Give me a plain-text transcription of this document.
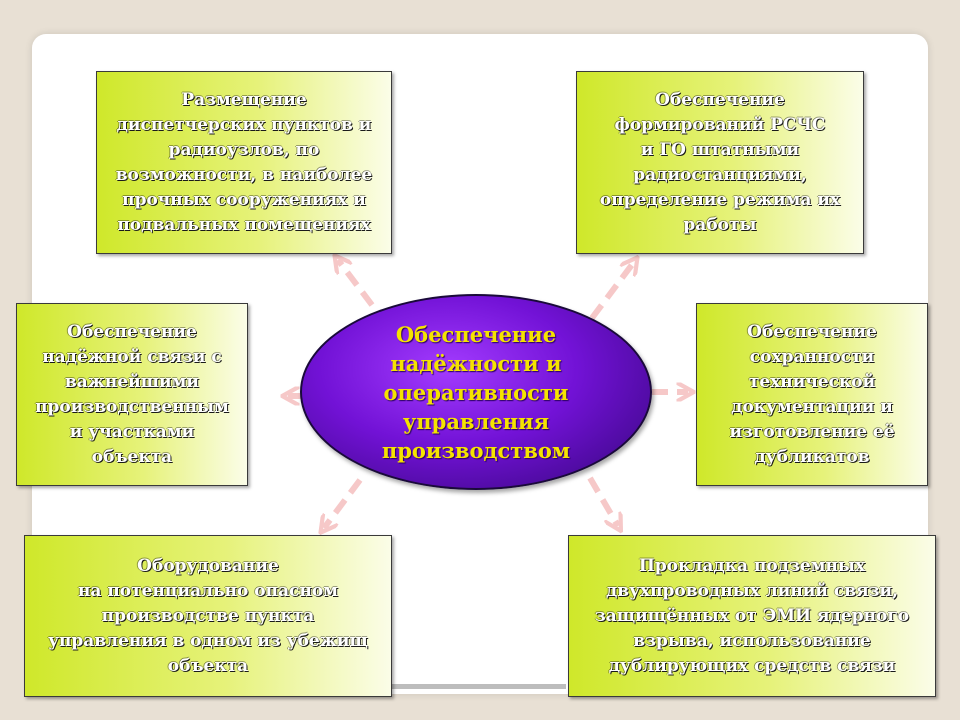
Размещение
диспетчерских пунктов и
радиоузлов, по
возможности, в наиболее
прочных сооружениях и
подвальных помещениях
Обеспечение
формирований РСЧС
и ГО штатными
радиостанциями,
определение режима их
работы
Обеспечение
надёжной связи с
важнейшими
производственным
и участками
объекта
Обеспечение
сохранности
технической
документации и
изготовление её
дубликатов
Оборудование
на потенциально опасном
производстве пункта
управления в одном из убежищ
объекта
Прокладка подземных
двухпроводных линий связи,
защищённых от ЭМИ ядерного
взрыва, использование
дублирующих средств связи
Обеспечение
надёжности и
оперативности
управления
производством
